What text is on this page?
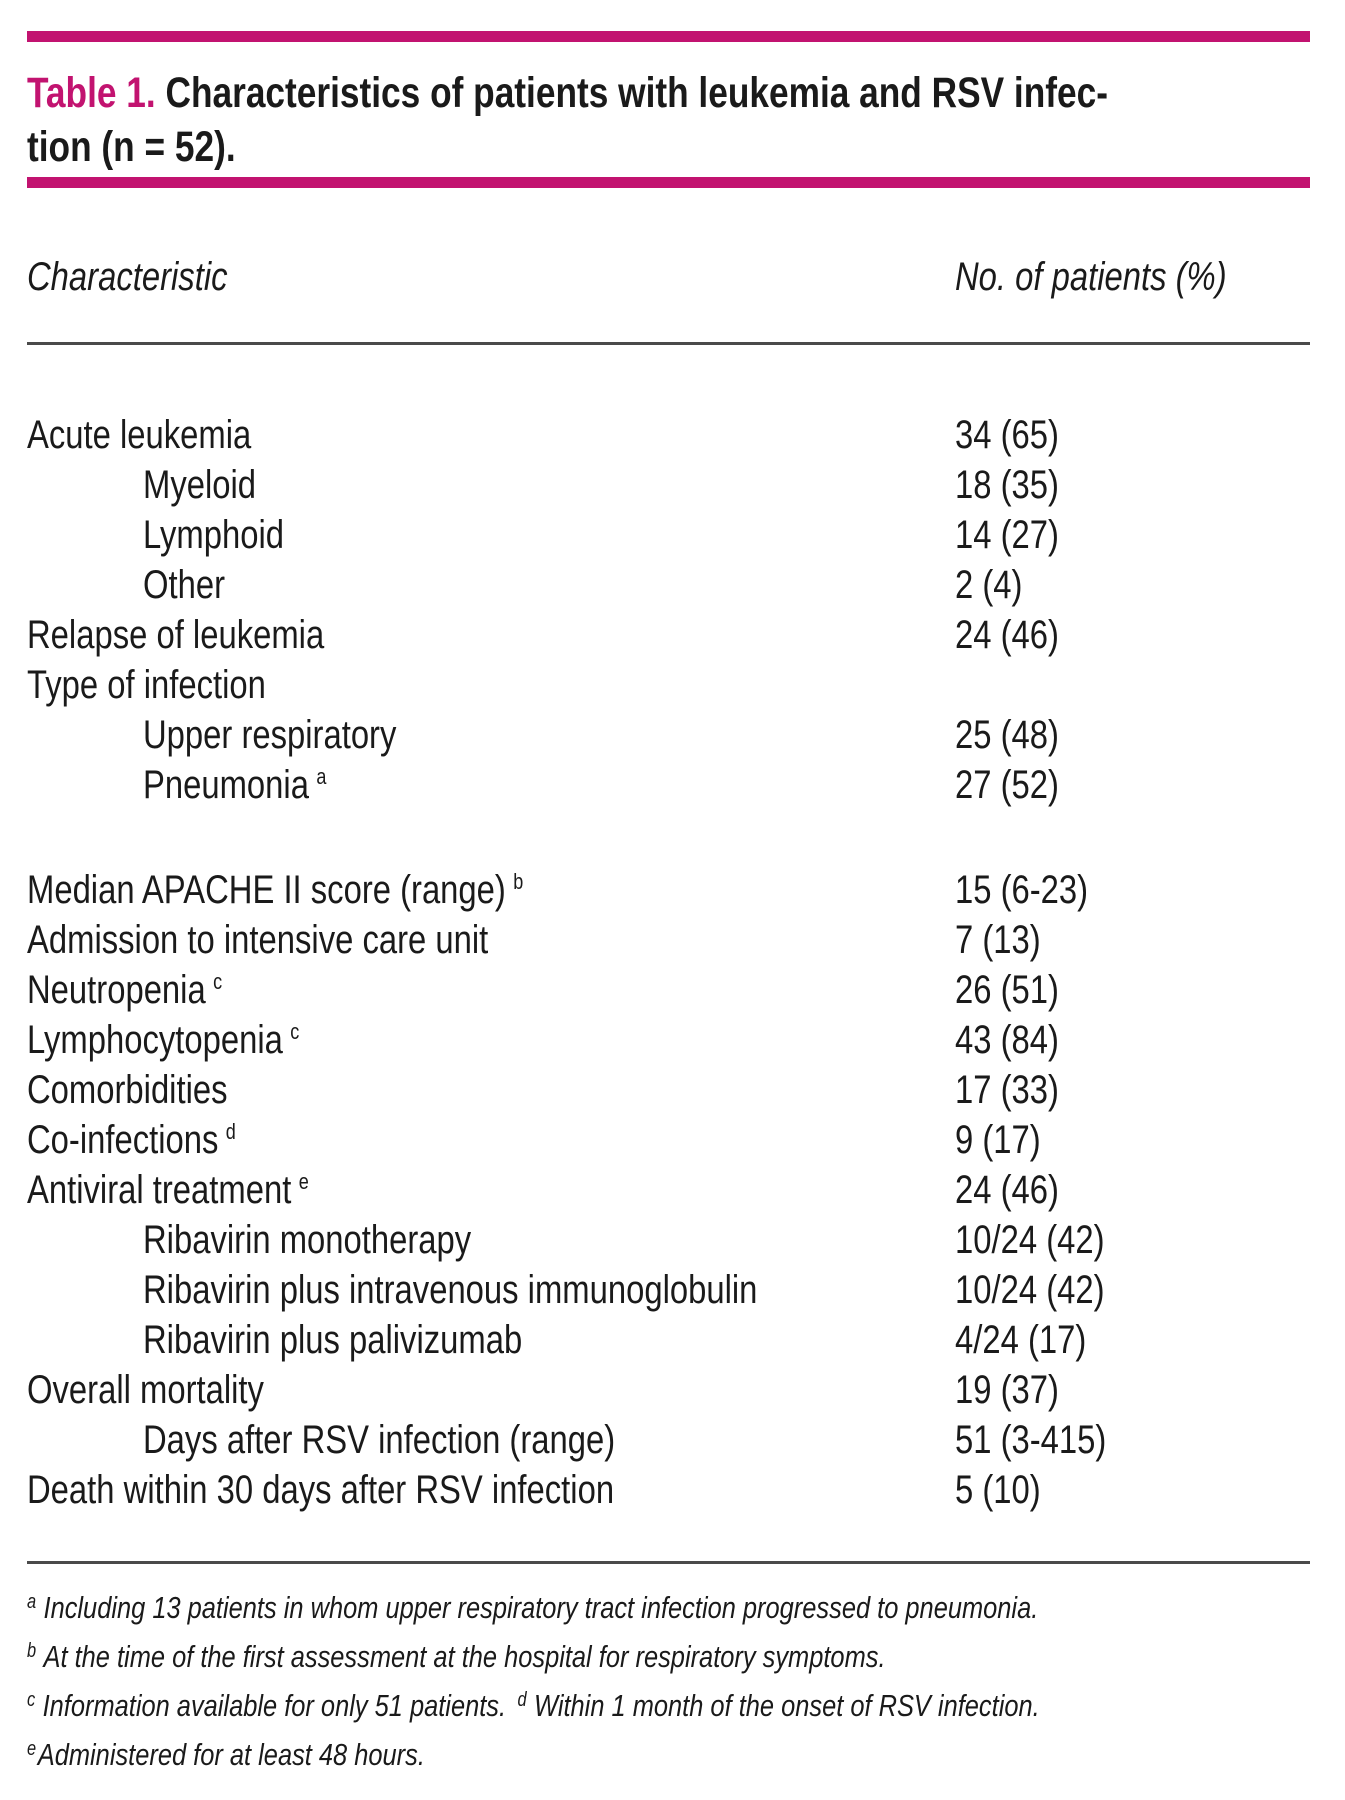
Table 1. Characteristics of patients with leukemia and RSV infec-
tion (n = 52).
Characteristic	No. of patients (%)
Acute leukemia	34 (65)
Myeloid	18 (35)
Lymphoid	14 (27)
Other	2 (4)
Relapse of leukemia	24 (46)
Type of infection
Upper respiratory	25 (48)
Pneumonia $^a$	27 (52)
Median APACHE II score (range) $^b$	15 (6-23)
Admission to intensive care unit	7 (13)
Neutropenia $^c$	26 (51)
Lymphocytopenia $^c$	43 (84)
Comorbidities	17 (33)
Co-infections $^d$	9 (17)
Antiviral treatment $^e$	24 (46)
Ribavirin monotherapy	10/24 (42)
Ribavirin plus intravenous immunoglobulin	10/24 (42)
Ribavirin plus palivizumab	4/24 (17)
Overall mortality	19 (37)
Days after RSV infection (range)	51 (3-415)
Death within 30 days after RSV infection	5 (10)
$^a$ Including 13 patients in whom upper respiratory tract infection progressed to pneumonia.
$^b$ At the time of the first assessment at the hospital for respiratory symptoms.
$^c$ Information available for only 51 patients. $^d$ Within 1 month of the onset of RSV infection.
$^e$Administered for at least 48 hours.
